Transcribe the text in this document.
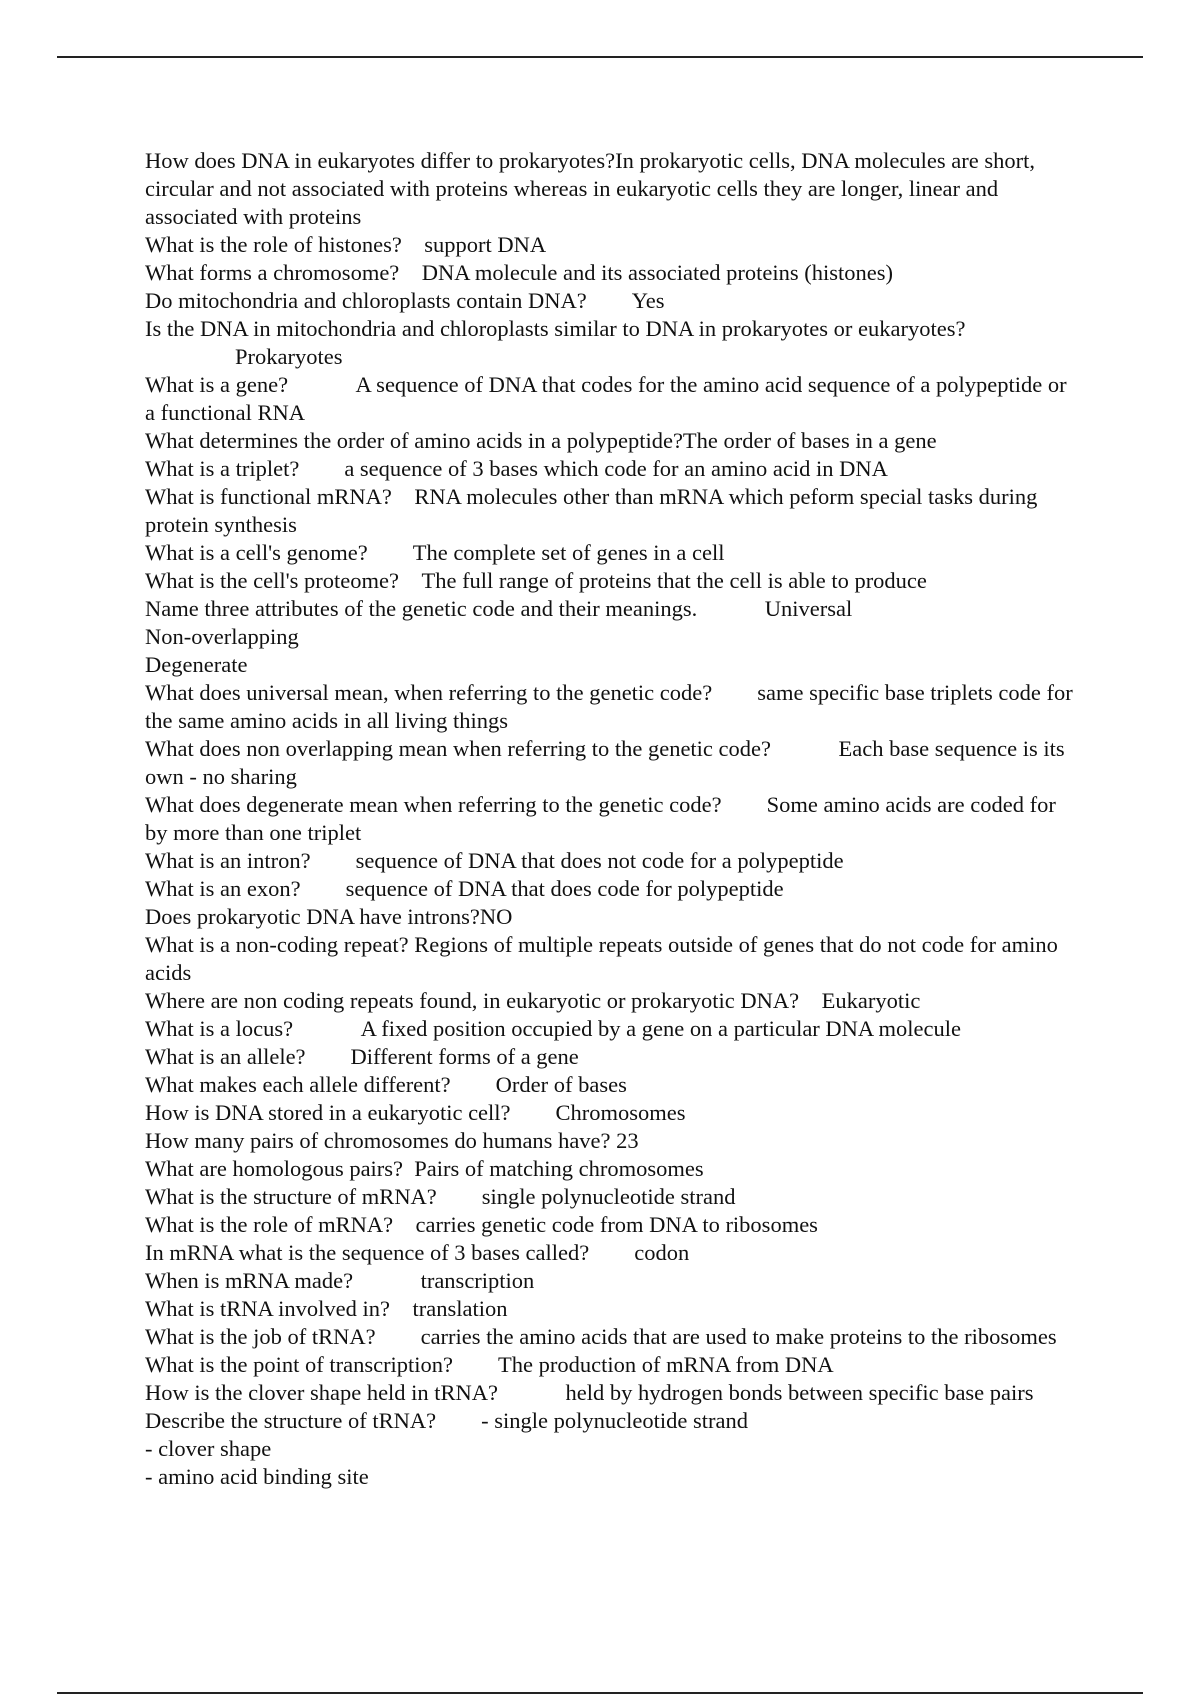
How does DNA in eukaryotes differ to prokaryotes?In prokaryotic cells, DNA molecules are short, circular and not associated with proteins whereas in eukaryotic cells they are longer, linear and associated with proteins

What is the role of histones? support DNA

What forms a chromosome? DNA molecule and its associated proteins (histones)

Do mitochondria and chloroplasts contain DNA?  Yes

Is the DNA in mitochondria and chloroplasts similar to DNA in prokaryotes or eukaryotes?
    Prokaryotes

What is a gene?   A sequence of DNA that codes for the amino acid sequence of a polypeptide or a functional RNA

What determines the order of amino acids in a polypeptide?The order of bases in a gene

What is a triplet?  a sequence of 3 bases which code for an amino acid in DNA

What is functional mRNA? RNA molecules other than mRNA which peform special tasks during protein synthesis

What is a cell's genome?  The complete set of genes in a cell

What is the cell's proteome? The full range of proteins that the cell is able to produce

Name three attributes of the genetic code and their meanings.   Universal
Non-overlapping
Degenerate

What does universal mean, when referring to the genetic code?  same specific base triplets code for the same amino acids in all living things

What does non overlapping mean when referring to the genetic code?   Each base sequence is its own - no sharing

What does degenerate mean when referring to the genetic code?  Some amino acids are coded for by more than one triplet

What is an intron?  sequence of DNA that does not code for a polypeptide

What is an exon?  sequence of DNA that does code for polypeptide

Does prokaryotic DNA have introns?NO

What is a non-coding repeat? Regions of multiple repeats outside of genes that do not code for amino acids

Where are non coding repeats found, in eukaryotic or prokaryotic DNA? Eukaryotic

What is a locus?   A fixed position occupied by a gene on a particular DNA molecule

What is an allele?  Different forms of a gene

What makes each allele different?  Order of bases

How is DNA stored in a eukaryotic cell?  Chromosomes

How many pairs of chromosomes do humans have? 23

What are homologous pairs? Pairs of matching chromosomes

What is the structure of mRNA?  single polynucleotide strand

What is the role of mRNA? carries genetic code from DNA to ribosomes

In mRNA what is the sequence of 3 bases called?  codon

When is mRNA made?   transcription

What is tRNA involved in? translation

What is the job of tRNA?  carries the amino acids that are used to make proteins to the ribosomes

What is the point of transcription?  The production of mRNA from DNA

How is the clover shape held in tRNA?   held by hydrogen bonds between specific base pairs

Describe the structure of tRNA?  - single polynucleotide strand
- clover shape
- amino acid binding site
